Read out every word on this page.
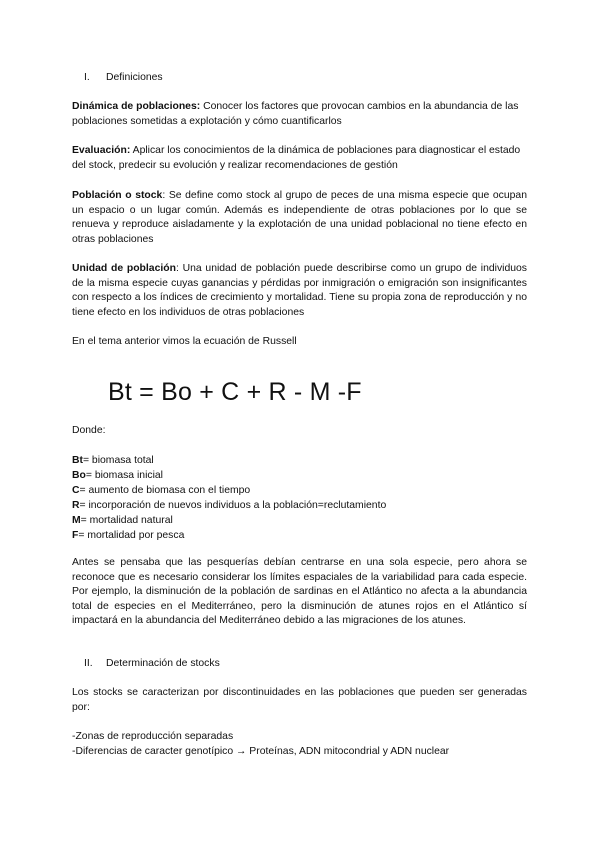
I. Definiciones

Dinámica de poblaciones: Conocer los factores que provocan cambios en la abundancia de las poblaciones sometidas a explotación y cómo cuantificarlos

Evaluación: Aplicar los conocimientos de la dinámica de poblaciones para diagnosticar el estado del stock, predecir su evolución y realizar recomendaciones de gestión

Población o stock: Se define como stock al grupo de peces de una misma especie que ocupan un espacio o un lugar común. Además es independiente de otras poblaciones por lo que se renueva y reproduce aisladamente y la explotación de una unidad poblacional no tiene efecto en otras poblaciones

Unidad de población: Una unidad de población puede describirse como un grupo de individuos de la misma especie cuyas ganancias y pérdidas por inmigración o emigración son insignificantes con respecto a los índices de crecimiento y mortalidad. Tiene su propia zona de reproducción y no tiene efecto en los individuos de otras poblaciones

En el tema anterior vimos la ecuación de Russell

Bt = Bo + C + R - M -F

Donde:

Bt= biomasa total
Bo= biomasa inicial
C= aumento de biomasa con el tiempo
R= incorporación de nuevos individuos a la población=reclutamiento
M= mortalidad natural
F= mortalidad por pesca

Antes se pensaba que las pesquerías debían centrarse en una sola especie, pero ahora se reconoce que es necesario considerar los límites espaciales de la variabilidad para cada especie. Por ejemplo, la disminución de la población de sardinas en el Atlántico no afecta a la abundancia total de especies en el Mediterráneo, pero la disminución de atunes rojos en el Atlántico sí impactará en la abundancia del Mediterráneo debido a las migraciones de los atunes.

II. Determinación de stocks

Los stocks se caracterizan por discontinuidades en las poblaciones que pueden ser generadas por:

-Zonas de reproducción separadas
-Diferencias de caracter genotípico → Proteínas, ADN mitocondrial y ADN nuclear
